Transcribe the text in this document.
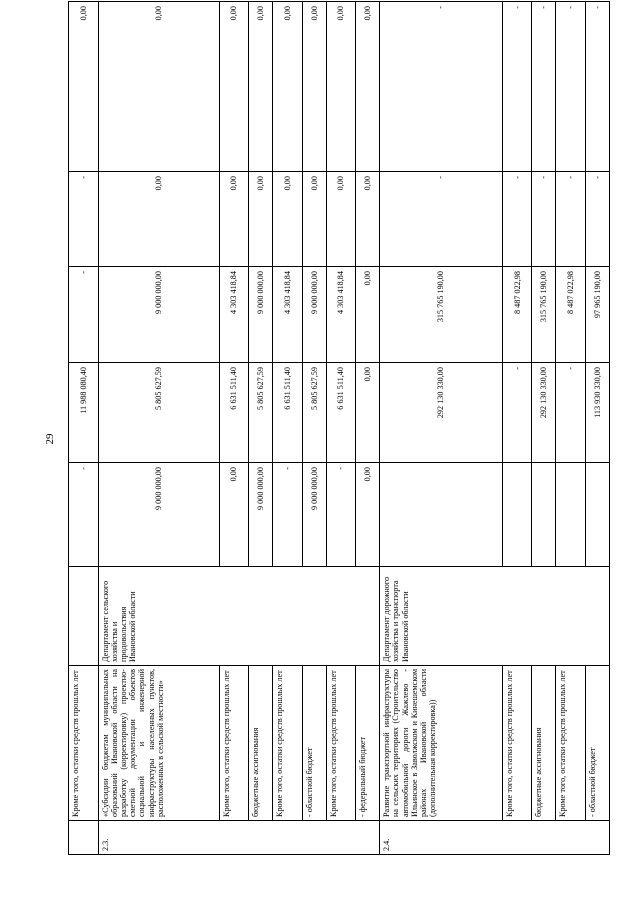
29
	Кроме того, остатки средств прошлых лет		-	11 988 080,40	-	-	0,00	
2.3.	«Субсидии бюджетам муниципальных образований Ивановской области на разработку (корректировку) проектно-сметной документации объектов социальной и инженерной инфраструктуры населенных пунктов, расположенных в сельской местности»	Департамент сельского хозяйства и продовольствия Ивановской области	9 000 000,00	5 805 627,59	9 000 000,00	0,00	0,00	
	Кроме того, остатки средств прошлых лет		0,00	6 631 511,40	4 303 418,84	0,00	0,00	
	бюджетные ассигнования		9 000 000,00	5 805 627,59	9 000 000,00	0,00	0,00	
	Кроме того, остатки средств прошлых лет		-	6 631 511,40	4 303 418,84	0,00	0,00	
	- областной бюджет		9 000 000,00	5 805 627,59	9 000 000,00	0,00	0,00	
	Кроме того, остатки средств прошлых лет		-	6 631 511,40	4 303 418,84	0,00	0,00	
	- федеральный бюджет		0,00	0,00	0,00	0,00	0,00	
2.4.	Развитие транспортной инфраструктуры на сельских территориях (Строительство автомобильной дороги Жажлево - Ильинское в Заволжском и Кинешемском районах Ивановской области (дополнительная корректировка))	Департамент дорожного хозяйства и транспорта Ивановской области		292 130 330,00	315 765 190,00	-	-	
	Кроме того, остатки средств прошлых лет			-	8 487 022,98	-	-	
	бюджетные ассигнования			292 130 330,00	315 765 190,00	-	-	
	Кроме того, остатки средств прошлых лет			-	8 487 022,98	-	-	
	- областной бюджет			113 930 330,00	97 965 190,00	-	-	
